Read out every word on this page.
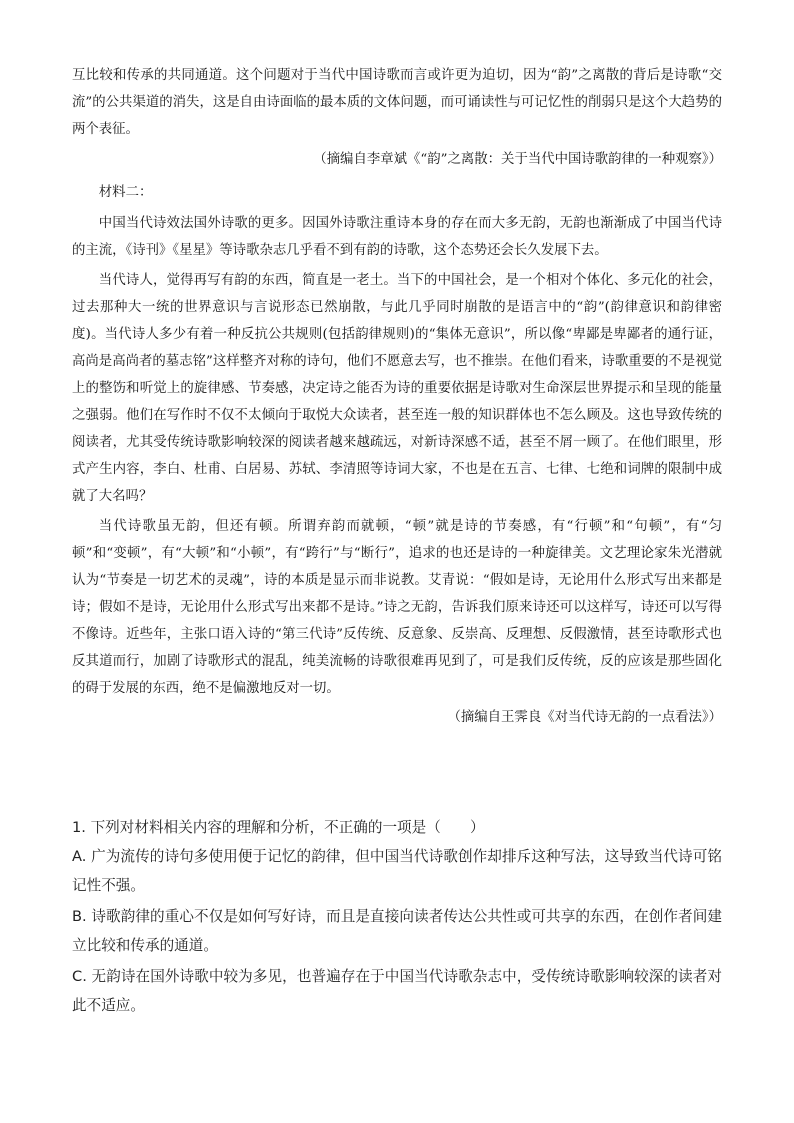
互比较和传承的共同通道。这个问题对于当代中国诗歌而言或许更为迫切，因为“韵”之离散的背后是诗歌“交流”的公共渠道的消失，这是自由诗面临的最本质的文体问题，而可诵读性与可记忆性的削弱只是这个大趋势的两个表征。

（摘编自李章斌《“韵”之离散：关于当代中国诗歌韵律的一种观察》）

材料二：

中国当代诗效法国外诗歌的更多。因国外诗歌注重诗本身的存在而大多无韵，无韵也渐渐成了中国当代诗的主流，《诗刊》《星星》等诗歌杂志几乎看不到有韵的诗歌，这个态势还会长久发展下去。

当代诗人，觉得再写有韵的东西，简直是一老土。当下的中国社会，是一个相对个体化、多元化的社会，过去那种大一统的世界意识与言说形态已然崩散，与此几乎同时崩散的是语言中的“韵”(韵律意识和韵律密度)。当代诗人多少有着一种反抗公共规则(包括韵律规则)的“集体无意识”，所以像“卑鄙是卑鄙者的通行证，高尚是高尚者的墓志铭”这样整齐对称的诗句，他们不愿意去写，也不推崇。在他们看来，诗歌重要的不是视觉上的整饬和听觉上的旋律感、节奏感，决定诗之能否为诗的重要依据是诗歌对生命深层世界提示和呈现的能量之强弱。他们在写作时不仅不太倾向于取悦大众读者，甚至连一般的知识群体也不怎么顾及。这也导致传统的阅读者，尤其受传统诗歌影响较深的阅读者越来越疏远，对新诗深感不适，甚至不屑一顾了。在他们眼里，形式产生内容，李白、杜甫、白居易、苏轼、李清照等诗词大家，不也是在五言、七律、七绝和词牌的限制中成就了大名吗？

当代诗歌虽无韵，但还有顿。所谓弃韵而就顿，“顿”就是诗的节奏感，有“行顿”和“句顿”，有“匀顿”和“变顿”，有“大顿”和“小顿”，有“跨行”与“断行”，追求的也还是诗的一种旋律美。文艺理论家朱光潜就认为“节奏是一切艺术的灵魂”，诗的本质是显示而非说教。艾青说：“假如是诗，无论用什么形式写出来都是诗；假如不是诗，无论用什么形式写出来都不是诗。”诗之无韵，告诉我们原来诗还可以这样写，诗还可以写得不像诗。近些年，主张口语入诗的“第三代诗”反传统、反意象、反崇高、反理想、反假激情，甚至诗歌形式也反其道而行，加剧了诗歌形式的混乱，纯美流畅的诗歌很难再见到了，可是我们反传统，反的应该是那些固化的碍于发展的东西，绝不是偏激地反对一切。

（摘编自王霁良《对当代诗无韵的一点看法》）

1. 下列对材料相关内容的理解和分析，不正确的一项是（　　）

A. 广为流传的诗句多使用便于记忆的韵律，但中国当代诗歌创作却排斥这种写法，这导致当代诗可铭记性不强。

B. 诗歌韵律的重心不仅是如何写好诗，而且是直接向读者传达公共性或可共享的东西，在创作者间建立比较和传承的通道。

C. 无韵诗在国外诗歌中较为多见，也普遍存在于中国当代诗歌杂志中，受传统诗歌影响较深的读者对此不适应。
